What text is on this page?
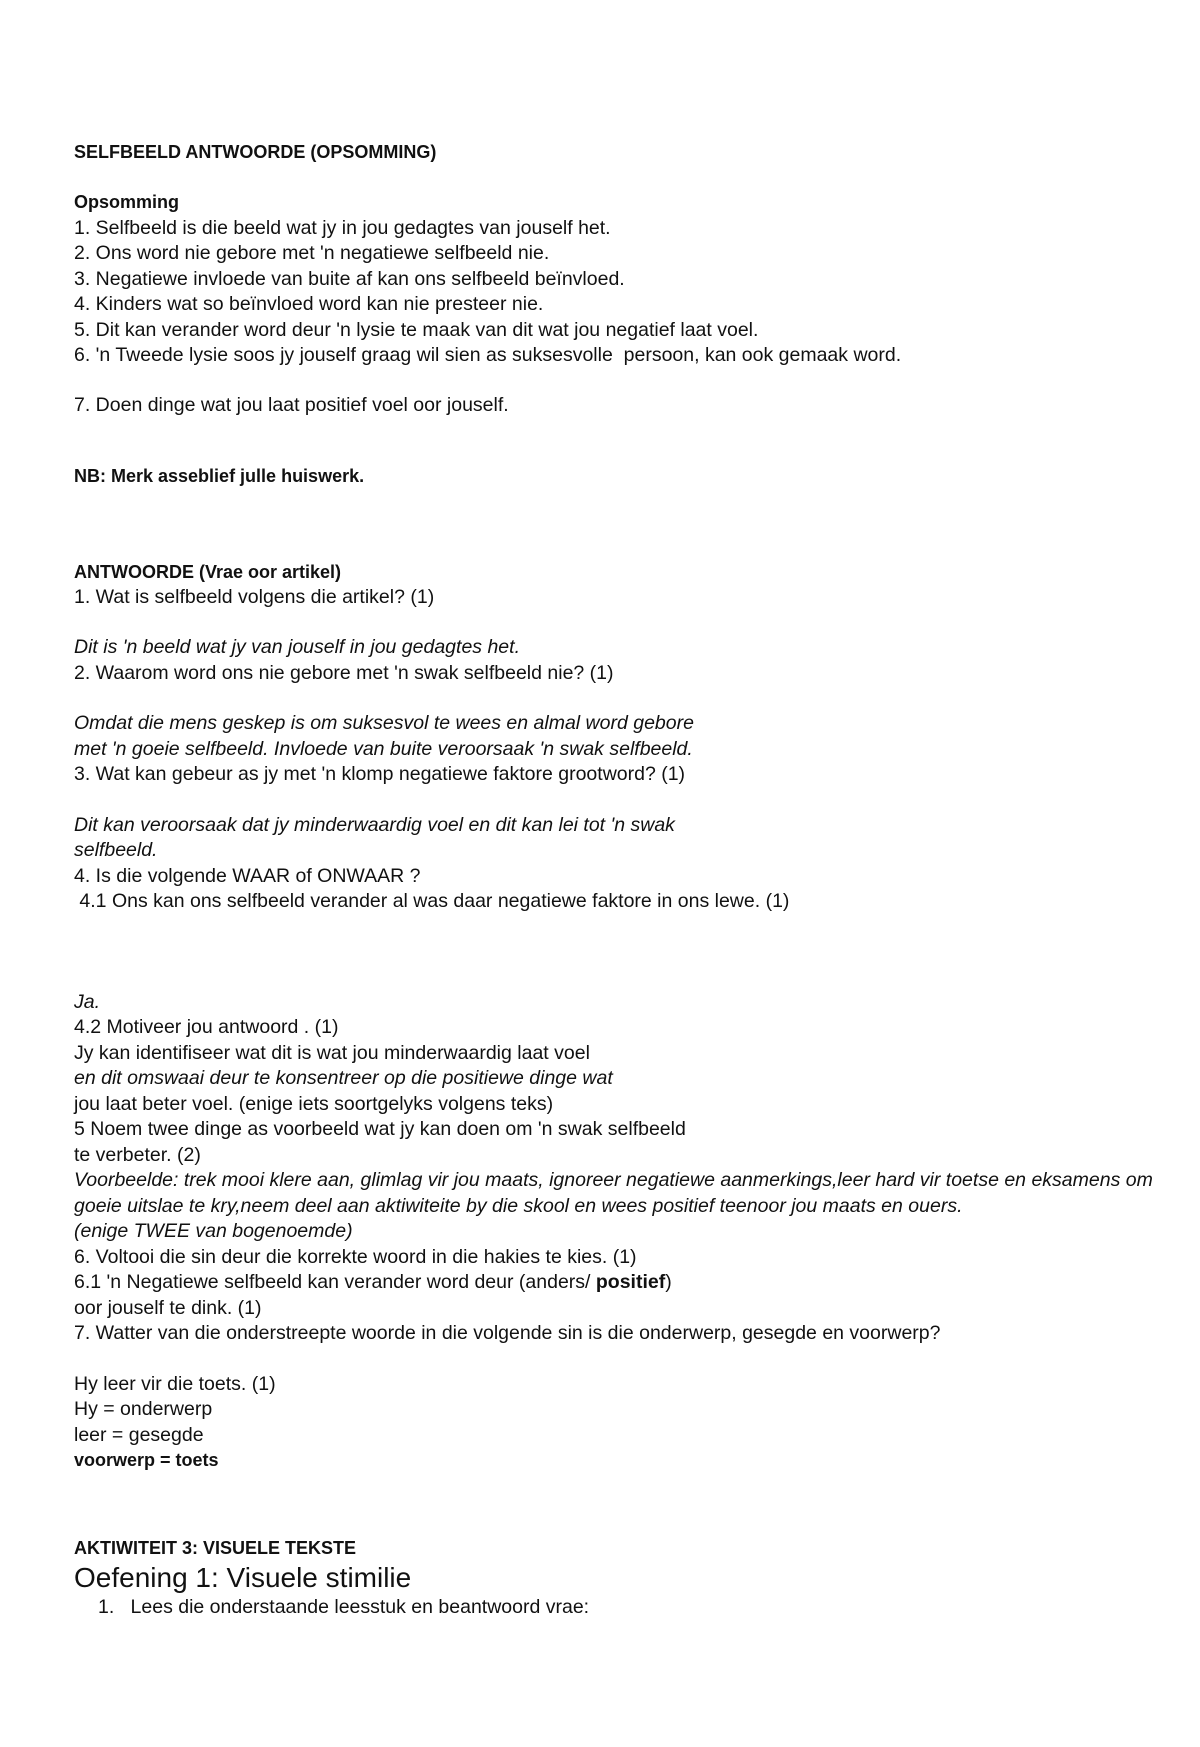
SELFBEELD ANTWOORDE (OPSOMMING)
Opsomming
1. Selfbeeld is die beeld wat jy in jou gedagtes van jouself het.
2. Ons word nie gebore met 'n negatiewe selfbeeld nie.
3. Negatiewe invloede van buite af kan ons selfbeeld beïnvloed.
4. Kinders wat so beïnvloed word kan nie presteer nie.
5. Dit kan verander word deur 'n lysie te maak van dit wat jou negatief laat voel.
6. 'n Tweede lysie soos jy jouself graag wil sien as suksesvolle  persoon, kan ook gemaak word.
7. Doen dinge wat jou laat positief voel oor jouself.
NB: Merk asseblief julle huiswerk.
ANTWOORDE (Vrae oor artikel)
1. Wat is selfbeeld volgens die artikel? (1)
Dit is 'n beeld wat jy van jouself in jou gedagtes het.
2. Waarom word ons nie gebore met 'n swak selfbeeld nie? (1)
Omdat die mens geskep is om suksesvol te wees en almal word gebore
met 'n goeie selfbeeld. Invloede van buite veroorsaak 'n swak selfbeeld.
3. Wat kan gebeur as jy met 'n klomp negatiewe faktore grootword? (1)
Dit kan veroorsaak dat jy minderwaardig voel en dit kan lei tot 'n swak
selfbeeld.
4. Is die volgende WAAR of ONWAAR ?
4.1 Ons kan ons selfbeeld verander al was daar negatiewe faktore in ons lewe. (1)
Ja.
4.2 Motiveer jou antwoord . (1)
Jy kan identifiseer wat dit is wat jou minderwaardig laat voel
en dit omswaai deur te konsentreer op die positiewe dinge wat
jou laat beter voel. (enige iets soortgelyks volgens teks)
5 Noem twee dinge as voorbeeld wat jy kan doen om 'n swak selfbeeld
te verbeter. (2)
Voorbeelde: trek mooi klere aan, glimlag vir jou maats, ignoreer negatiewe aanmerkings,leer hard vir toetse en eksamens om goeie uitslae te kry,neem deel aan aktiwiteite by die skool en wees positief teenoor jou maats en ouers.
(enige TWEE van bogenoemde)
6. Voltooi die sin deur die korrekte woord in die hakies te kies. (1)
6.1 'n Negatiewe selfbeeld kan verander word deur (anders/ positief)
oor jouself te dink. (1)
7. Watter van die onderstreepte woorde in die volgende sin is die onderwerp, gesegde en voorwerp?
Hy leer vir die toets. (1)
Hy = onderwerp
leer = gesegde
voorwerp = toets
AKTIWITEIT 3: VISUELE TEKSTE
Oefening 1: Visuele stimilie
1. Lees die onderstaande leesstuk en beantwoord vrae:
